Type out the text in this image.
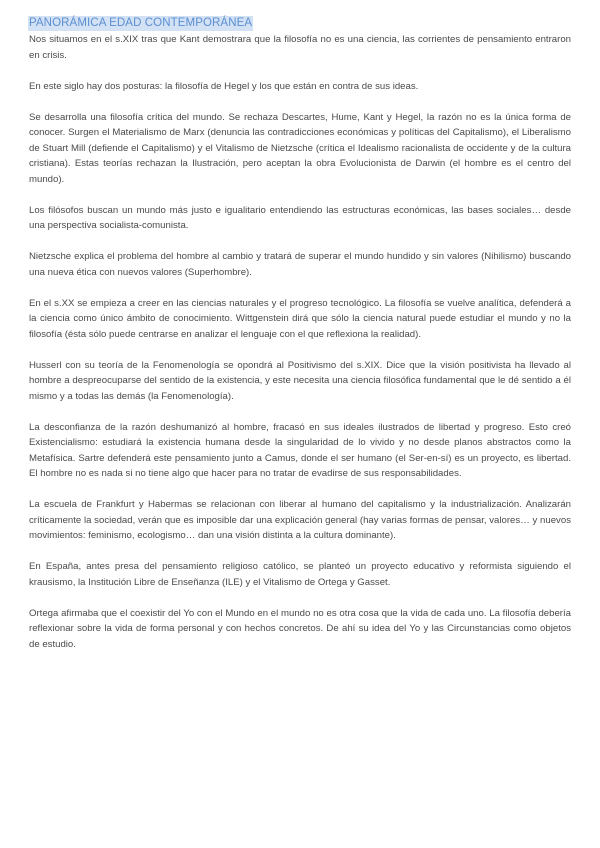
PANORÁMICA EDAD CONTEMPORÁNEA

Nos situamos en el s.XIX tras que Kant demostrara que la filosofía no es una ciencia, las corrientes de pensamiento entraron en crisis.

En este siglo hay dos posturas: la filosofía de Hegel y los que están en contra de sus ideas.

Se desarrolla una filosofía crítica del mundo. Se rechaza Descartes, Hume, Kant y Hegel, la razón no es la única forma de conocer. Surgen el Materialismo de Marx (denuncia las contradicciones económicas y políticas del Capitalismo), el Liberalismo de Stuart Mill (defiende el Capitalismo) y el Vitalismo de Nietzsche (crítica el Idealismo racionalista de occidente y de la cultura cristiana). Estas teorías rechazan la Ilustración, pero aceptan la obra Evolucionista de Darwin (el hombre es el centro del mundo).

Los filósofos buscan un mundo más justo e igualitario entendiendo las estructuras económicas, las bases sociales… desde una perspectiva socialista-comunista.

Nietzsche explica el problema del hombre al cambio y tratará de superar el mundo hundido y sin valores (Nihilismo) buscando una nueva ética con nuevos valores (Superhombre).

En el s.XX se empieza a creer en las ciencias naturales y el progreso tecnológico. La filosofía se vuelve analítica, defenderá a la ciencia como único ámbito de conocimiento. Wittgenstein dirá que sólo la ciencia natural puede estudiar el mundo y no la filosofía (ésta sólo puede centrarse en analizar el lenguaje con el que reflexiona la realidad).

Husserl con su teoría de la Fenomenología se opondrá al Positivismo del s.XIX. Dice que la visión positivista ha llevado al hombre a despreocuparse del sentido de la existencia, y este necesita una ciencia filosófica fundamental que le dé sentido a él mismo y a todas las demás (la Fenomenología).

La desconfianza de la razón deshumanizó al hombre, fracasó en sus ideales ilustrados de libertad y progreso. Esto creó Existencialismo: estudiará la existencia humana desde la singularidad de lo vivido y no desde planos abstractos como la Metafísica. Sartre defenderá este pensamiento junto a Camus, donde el ser humano (el Ser-en-sí) es un proyecto, es libertad. El hombre no es nada si no tiene algo que hacer para no tratar de evadirse de sus responsabilidades.

La escuela de Frankfurt y Habermas se relacionan con liberar al humano del capitalismo y la industrialización. Analizarán críticamente la sociedad, verán que es imposible dar una explicación general (hay varias formas de pensar, valores… y nuevos movimientos: feminismo, ecologismo… dan una visión distinta a la cultura dominante).

En España, antes presa del pensamiento religioso católico, se planteó un proyecto educativo y reformista siguiendo el krausismo, la Institución Libre de Enseñanza (ILE) y el Vitalismo de Ortega y Gasset.

Ortega afirmaba que el coexistir del Yo con el Mundo en el mundo no es otra cosa que la vida de cada uno. La filosofía debería reflexionar sobre la vida de forma personal y con hechos concretos. De ahí su idea del Yo y las Circunstancias como objetos de estudio.
